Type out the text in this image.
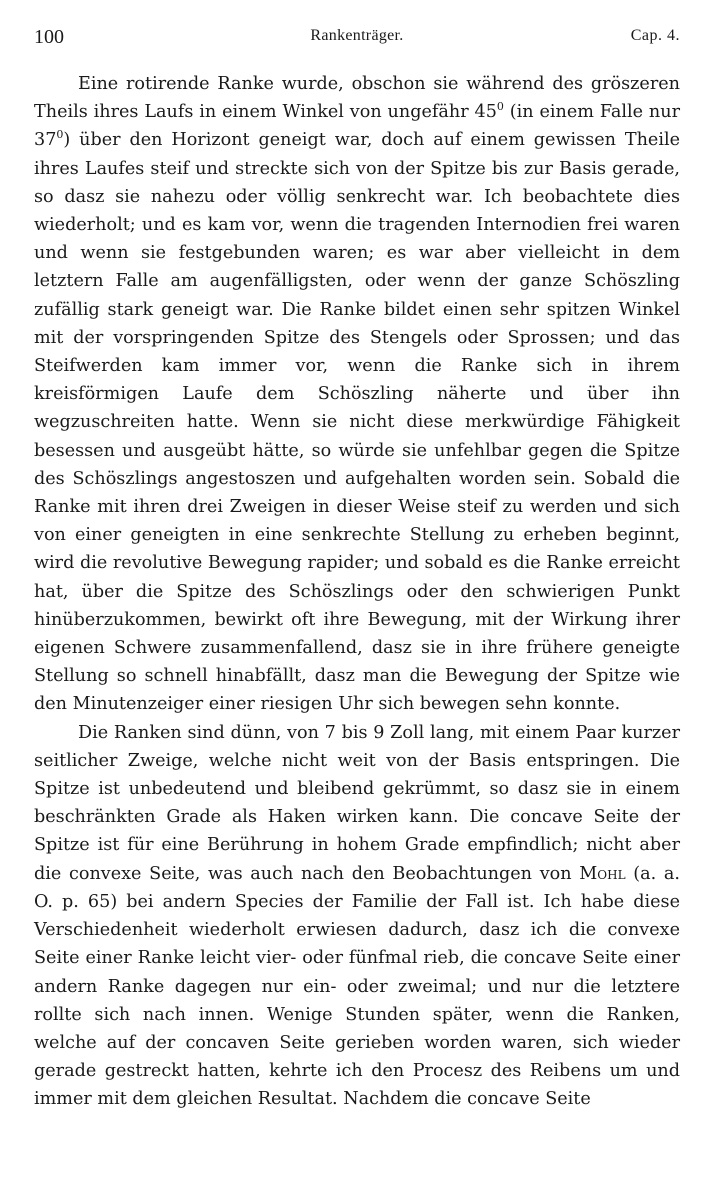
100	Rankenträger.	Cap. 4.

Eine rotirende Ranke wurde, obschon sie während des gröszeren Theils ihres Laufs in einem Winkel von ungefähr $45^0$ (in einem Falle nur $37^0$) über den Horizont geneigt war, doch auf einem gewissen Theile ihres Laufes steif und streckte sich von der Spitze bis zur Basis gerade, so dasz sie nahezu oder völlig senkrecht war. Ich beobachtete dies wiederholt; und es kam vor, wenn die tragenden Internodien frei waren und wenn sie festgebunden waren; es war aber vielleicht in dem letztern Falle am augenfälligsten, oder wenn der ganze Schöszling zufällig stark geneigt war. Die Ranke bildet einen sehr spitzen Winkel mit der vorspringenden Spitze des Stengels oder Sprossen; und das Steifwerden kam immer vor, wenn die Ranke sich in ihrem kreisförmigen Laufe dem Schöszling näherte und über ihn wegzuschreiten hatte. Wenn sie nicht diese merkwürdige Fähigkeit besessen und ausgeübt hätte, so würde sie unfehlbar gegen die Spitze des Schöszlings angestoszen und aufgehalten worden sein. Sobald die Ranke mit ihren drei Zweigen in dieser Weise steif zu werden und sich von einer geneigten in eine senkrechte Stellung zu erheben beginnt, wird die revolutive Bewegung rapider; und sobald es die Ranke erreicht hat, über die Spitze des Schöszlings oder den schwierigen Punkt hinüberzukommen, bewirkt oft ihre Bewegung, mit der Wirkung ihrer eigenen Schwere zusammenfallend, dasz sie in ihre frühere geneigte Stellung so schnell hinabfällt, dasz man die Bewegung der Spitze wie den Minutenzeiger einer riesigen Uhr sich bewegen sehn konnte.

Die Ranken sind dünn, von 7 bis 9 Zoll lang, mit einem Paar kurzer seitlicher Zweige, welche nicht weit von der Basis entspringen. Die Spitze ist unbedeutend und bleibend gekrümmt, so dasz sie in einem beschränkten Grade als Haken wirken kann. Die concave Seite der Spitze ist für eine Berührung in hohem Grade empfindlich; nicht aber die convexe Seite, was auch nach den Beobachtungen von Mohl (a. a. O. p. 65) bei andern Species der Familie der Fall ist. Ich habe diese Verschiedenheit wiederholt erwiesen dadurch, dasz ich die convexe Seite einer Ranke leicht vier- oder fünfmal rieb, die concave Seite einer andern Ranke dagegen nur ein- oder zweimal; und nur die letztere rollte sich nach innen. Wenige Stunden später, wenn die Ranken, welche auf der concaven Seite gerieben worden waren, sich wieder gerade gestreckt hatten, kehrte ich den Procesz des Reibens um und immer mit dem gleichen Resultat. Nachdem die concave Seite
